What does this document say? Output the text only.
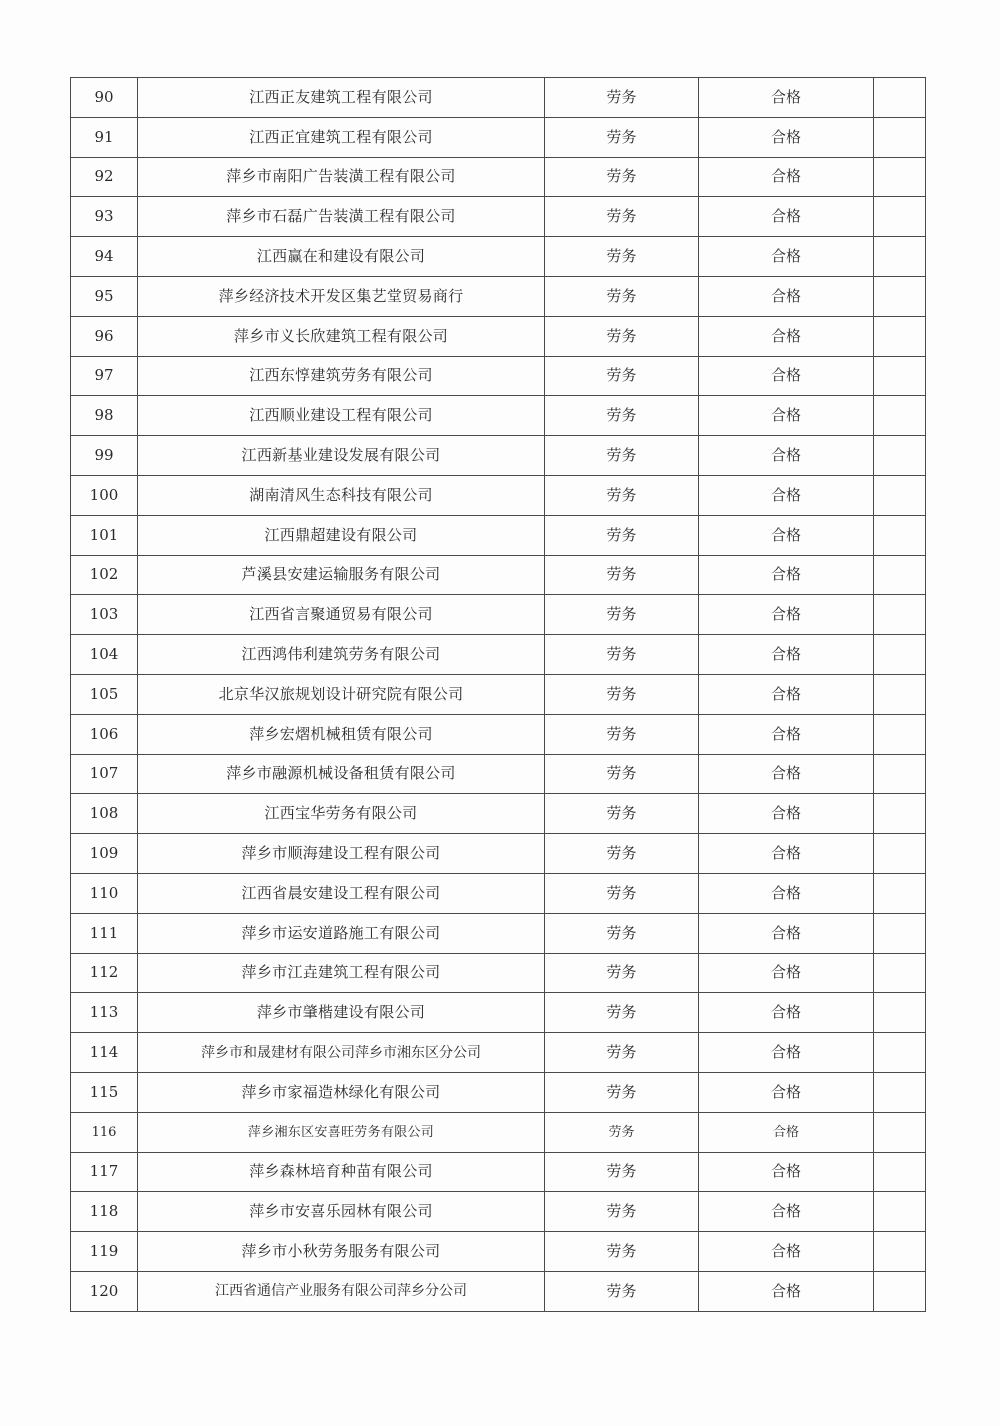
90	江西正友建筑工程有限公司	劳务	合格	
91	江西正宜建筑工程有限公司	劳务	合格	
92	萍乡市南阳广告装潢工程有限公司	劳务	合格	
93	萍乡市石磊广告装潢工程有限公司	劳务	合格	
94	江西赢在和建设有限公司	劳务	合格	
95	萍乡经济技术开发区集艺堂贸易商行	劳务	合格	
96	萍乡市义长欣建筑工程有限公司	劳务	合格	
97	江西东惇建筑劳务有限公司	劳务	合格	
98	江西顺业建设工程有限公司	劳务	合格	
99	江西新基业建设发展有限公司	劳务	合格	
100	湖南清风生态科技有限公司	劳务	合格	
101	江西鼎超建设有限公司	劳务	合格	
102	芦溪县安建运输服务有限公司	劳务	合格	
103	江西省言聚通贸易有限公司	劳务	合格	
104	江西鸿伟利建筑劳务有限公司	劳务	合格	
105	北京华汉旅规划设计研究院有限公司	劳务	合格	
106	萍乡宏熠机械租赁有限公司	劳务	合格	
107	萍乡市融源机械设备租赁有限公司	劳务	合格	
108	江西宝华劳务有限公司	劳务	合格	
109	萍乡市顺海建设工程有限公司	劳务	合格	
110	江西省晨安建设工程有限公司	劳务	合格	
111	萍乡市运安道路施工有限公司	劳务	合格	
112	萍乡市江垚建筑工程有限公司	劳务	合格	
113	萍乡市肇楷建设有限公司	劳务	合格	
114	萍乡市和晟建材有限公司萍乡市湘东区分公司	劳务	合格	
115	萍乡市家福造林绿化有限公司	劳务	合格	
116	萍乡湘东区安喜旺劳务有限公司	劳务	合格	
117	萍乡森林培育种苗有限公司	劳务	合格	
118	萍乡市安喜乐园林有限公司	劳务	合格	
119	萍乡市小秋劳务服务有限公司	劳务	合格	
120	江西省通信产业服务有限公司萍乡分公司	劳务	合格	
